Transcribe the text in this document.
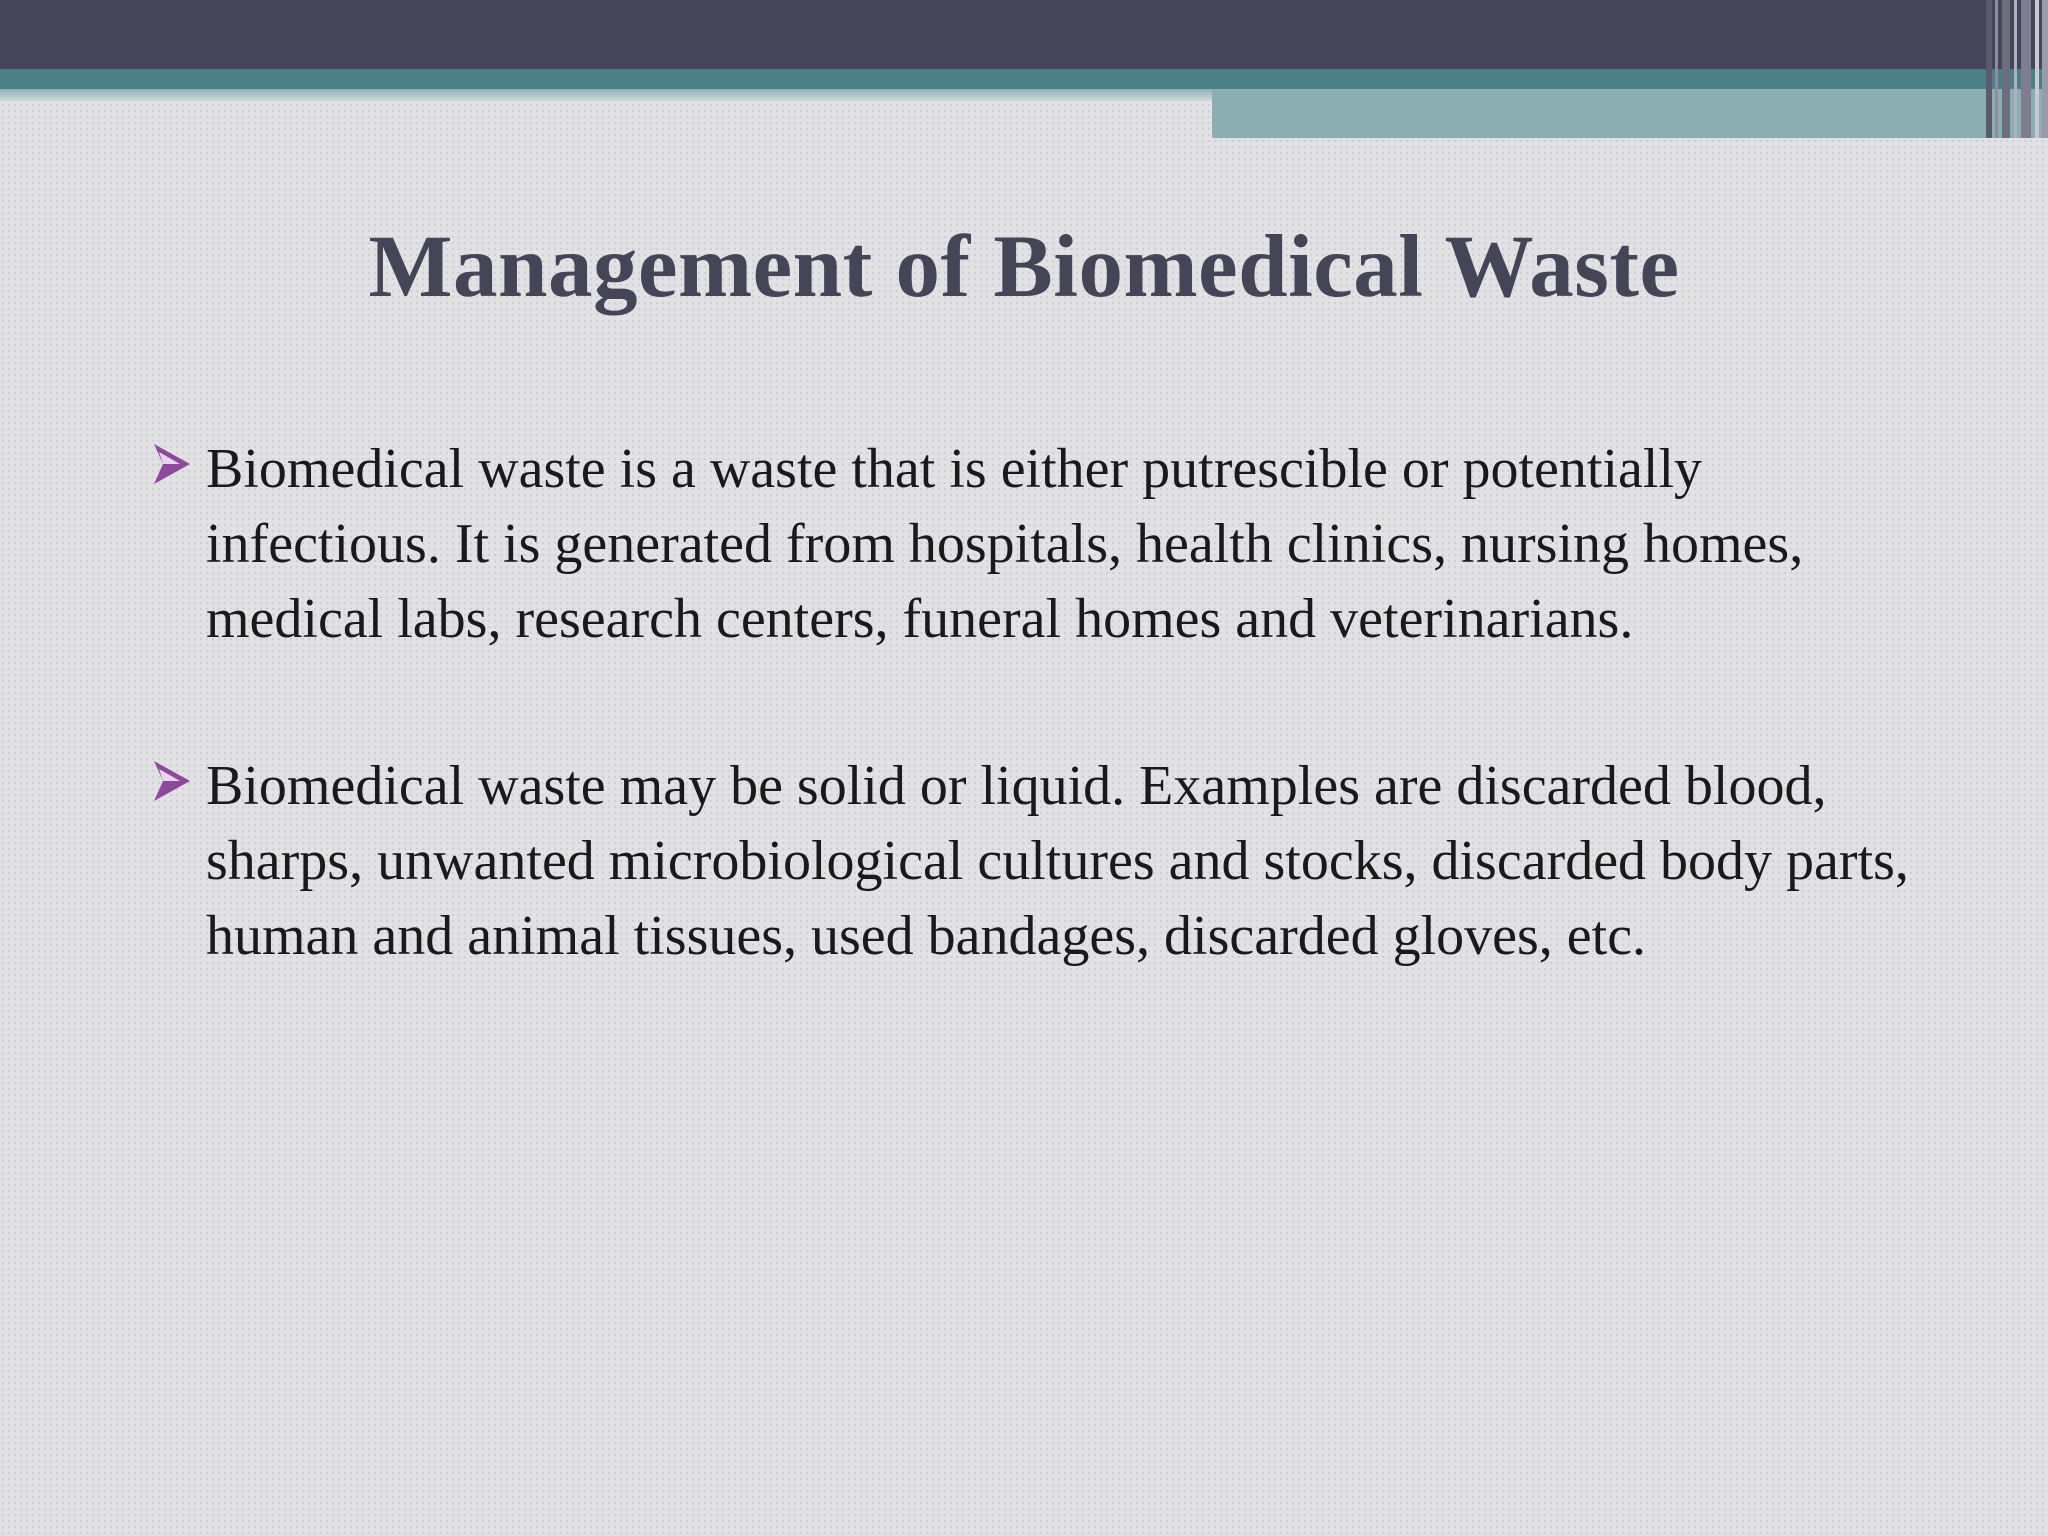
Management of Biomedical Waste
Biomedical waste is a waste that is either putrescible or potentially infectious. It is generated from hospitals, health clinics, nursing homes, medical labs, research centers, funeral homes and veterinarians.
Biomedical waste may be solid or liquid. Examples are discarded blood, sharps, unwanted microbiological cultures and stocks, discarded body parts, human and animal tissues, used bandages, discarded gloves, etc.
